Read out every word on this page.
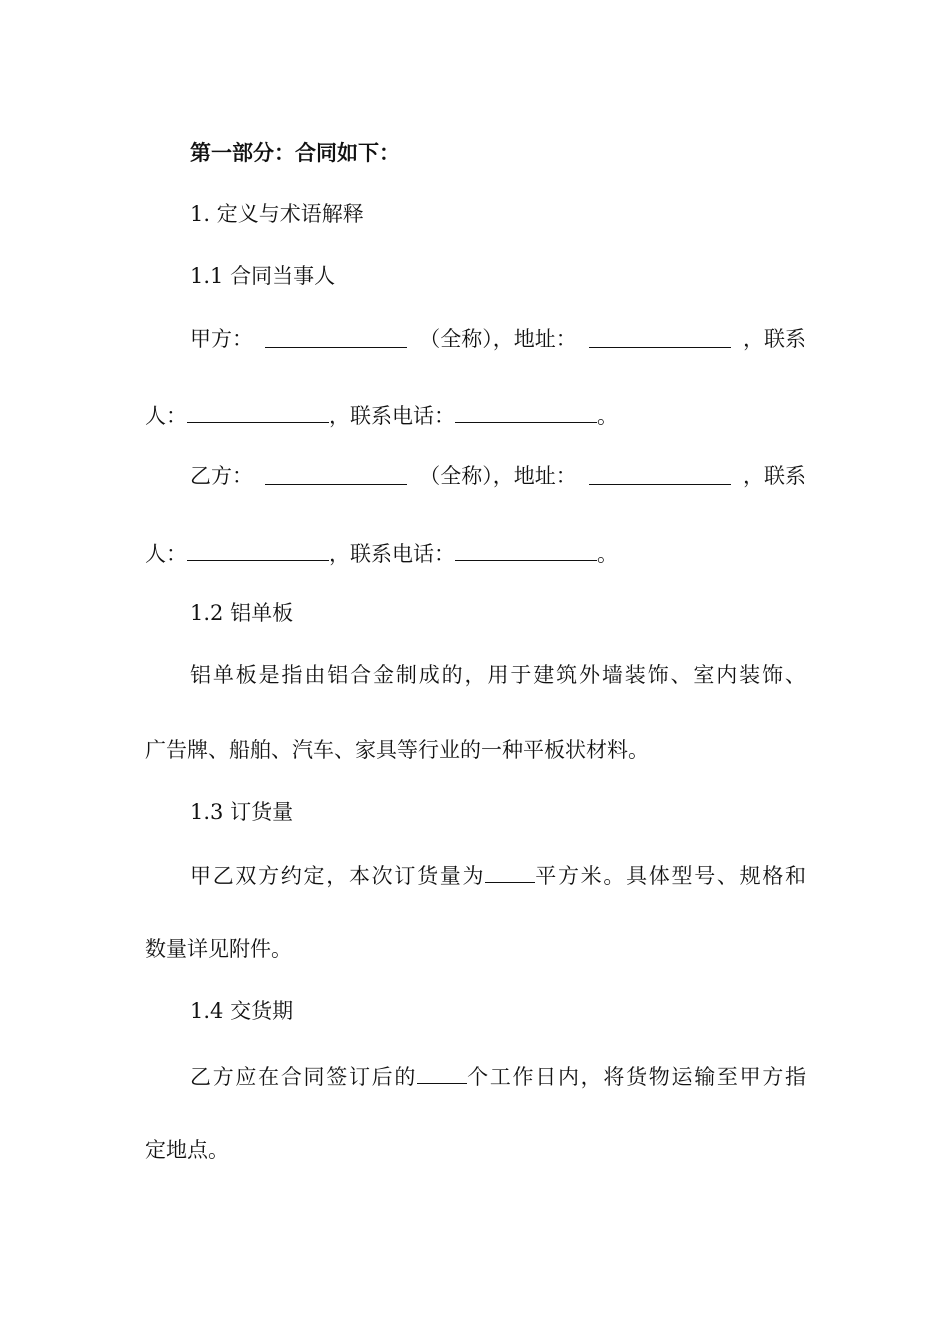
第一部分：合同如下：
1. 定义与术语解释
1.1 合同当事人
甲方：	（全称），地址：	，联系
人：	，联系电话：	。
乙方：	（全称），地址：	，联系
人：	，联系电话：	。
1.2 铝单板
铝单板是指由铝合金制成的，用于建筑外墙装饰、室内装饰、
广告牌、船舶、汽车、家具等行业的一种平板状材料。
1.3 订货量
甲乙双方约定，本次订货量为 平方米。具体型号、规格和
数量详见附件。
1.4 交货期
乙方应在合同签订后的 个工作日内，将货物运输至甲方指
定地点。
